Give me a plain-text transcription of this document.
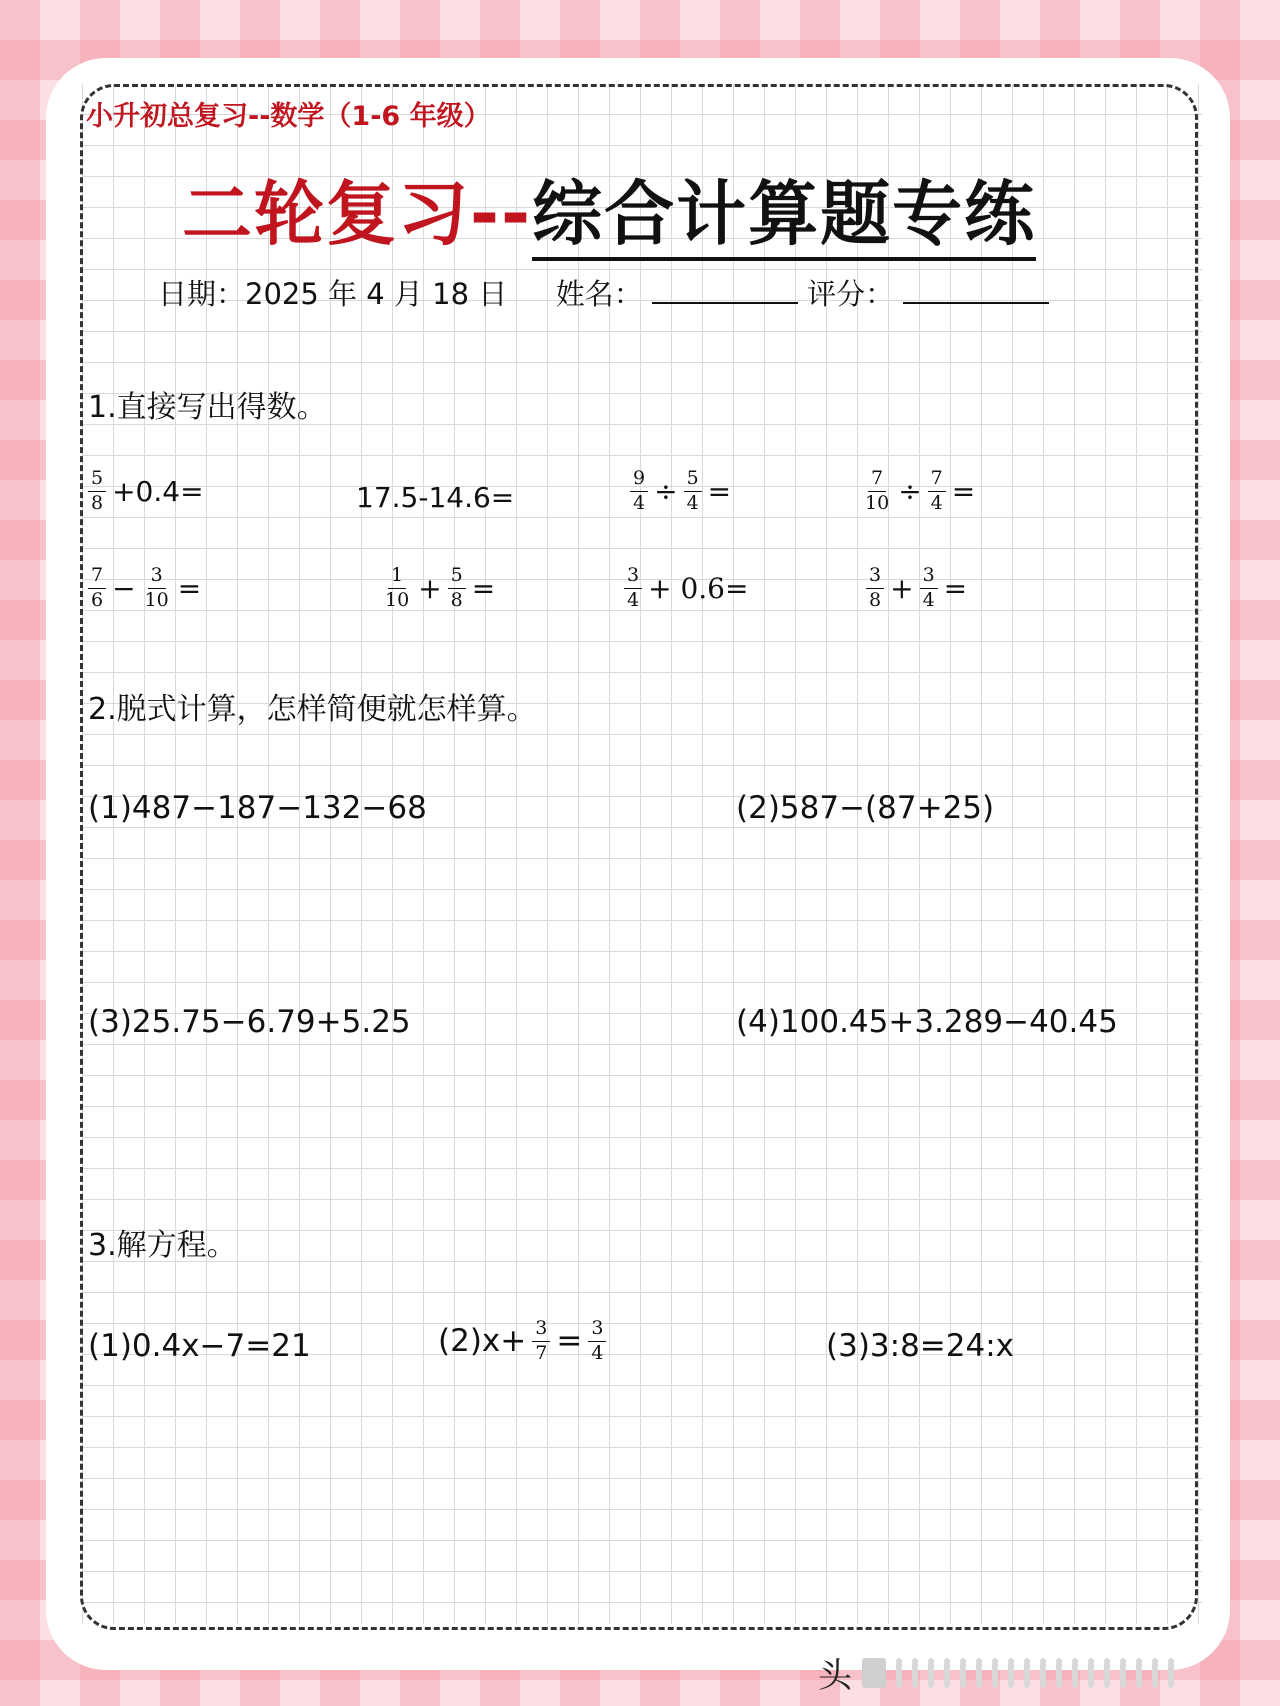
小升初总复习--数学（1-6 年级）
二轮复习--综合计算题专练
日期：2025 年 4 月 18 日 姓名：	评分：
1.直接写出得数。
$\frac{5}{8} +0.4=$	17.5-14.6=	$\frac{9}{4} \div \frac{5}{4}$ =	$\frac{7}{10} \div \frac{7}{4}$ =
$\frac{7}{6} - \frac{3}{10}$ =	$\frac{1}{10} + \frac{5}{8}$ =	$\frac{3}{4} + 0.6=$	$\frac{3}{8} + \frac{3}{4}$ =
2.脱式计算，怎样简便就怎样算。
(1)487−187−132−68	(2)587−(87+25)
(3)25.75−6.79+5.25	(4)100.45+3.289−40.45
3.解方程。
(1)0.4x−7=21	$(2)x+ \frac{3}{7} = \frac{3}{4}$	(3)3:8=24:x
头
